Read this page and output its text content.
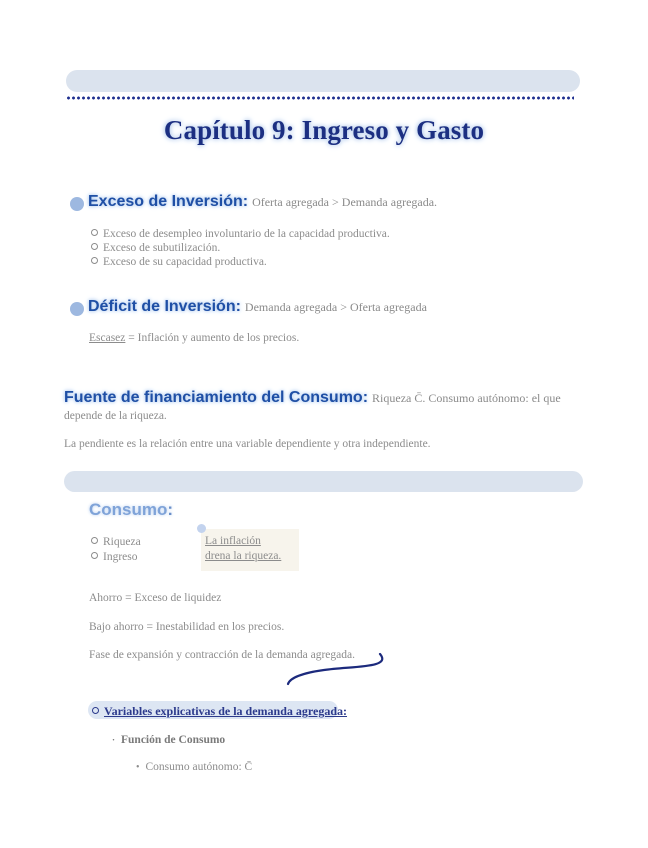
Capítulo 9: Ingreso y Gasto
Exceso de Inversión: Oferta agregada > Demanda agregada.
Exceso de desempleo involuntario de la capacidad productiva.
Exceso de subutilización.
Exceso de su capacidad productiva.
Déficit de Inversión: Demanda agregada > Oferta agregada
Escasez = Inflación y aumento de los precios.
Fuente de financiamiento del Consumo: Riqueza C̄. Consumo autónomo: el que
depende de la riqueza.
La pendiente es la relación entre una variable dependiente y otra independiente.
Consumo:
Riqueza
Ingreso
La inflación
drena la riqueza.
Ahorro = Exceso de liquidez
Bajo ahorro = Inestabilidad en los precios.
Fase de expansión y contracción de la demanda agregada.
Variables explicativas de la demanda agregada:
· Función de Consumo
• Consumo autónomo: C̄
